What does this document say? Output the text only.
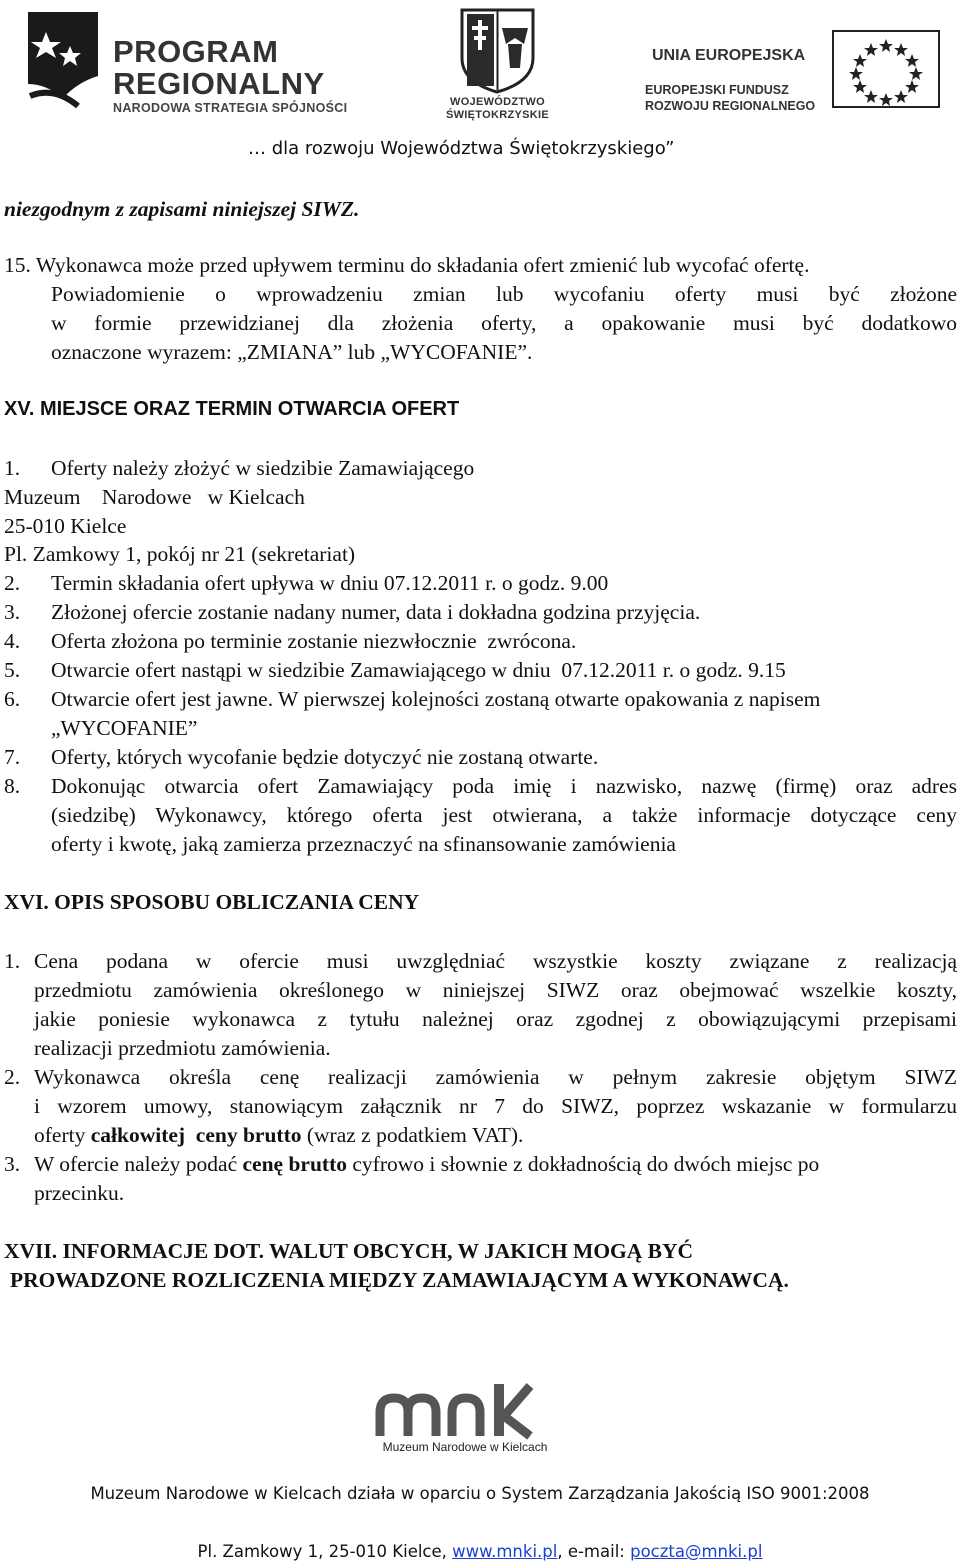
PROGRAM
REGIONALNY
NARODOWA STRATEGIA SPÓJNOŚCI	WOJEWÓDZTWO
ŚWIĘTOKRZYSKIE
UNIA EUROPEJSKA
EUROPEJSKI FUNDUSZ
ROZWOJU REGIONALNEGO
… dla rozwoju Województwa Świętokrzyskiego”
niezgodnym z zapisami niniejszej SIWZ.
15. Wykonawca może przed upływem terminu do składania ofert zmienić lub wycofać ofertę.
Powiadomienie o wprowadzeniu zmian lub wycofaniu oferty musi być złożone
w formie przewidzianej dla złożenia oferty, a opakowanie musi być dodatkowo
oznaczone wyrazem: „ZMIANA” lub „WYCOFANIE”.
XV. MIEJSCE ORAZ TERMIN OTWARCIA OFERT
1. Oferty należy złożyć w siedzibie Zamawiającego
Muzeum    Narodowe   w Kielcach
25-010 Kielce
Pl. Zamkowy 1, pokój nr 21 (sekretariat)
2. Termin składania ofert upływa w dniu 07.12.2011 r. o godz. 9.00
3. Złożonej ofercie zostanie nadany numer, data i dokładna godzina przyjęcia.
4. Oferta złożona po terminie zostanie niezwłocznie  zwrócona.
5. Otwarcie ofert nastąpi w siedzibie Zamawiającego w dniu  07.12.2011 r. o godz. 9.15
6. Otwarcie ofert jest jawne. W pierwszej kolejności zostaną otwarte opakowania z napisem
„WYCOFANIE”
7. Oferty, których wycofanie będzie dotyczyć nie zostaną otwarte.
8. Dokonując otwarcia ofert Zamawiający poda imię i nazwisko, nazwę (firmę) oraz adres
(siedzibę) Wykonawcy, którego oferta jest otwierana, a także informacje dotyczące ceny
oferty i kwotę, jaką zamierza przeznaczyć na sfinansowanie zamówienia
XVI. OPIS SPOSOBU OBLICZANIA CENY
1. Cena podana w ofercie musi uwzględniać wszystkie koszty związane z realizacją
przedmiotu zamówienia określonego w niniejszej SIWZ oraz obejmować wszelkie koszty,
jakie poniesie wykonawca z tytułu należnej oraz zgodnej z obowiązującymi przepisami
realizacji przedmiotu zamówienia.
2. Wykonawca określa cenę realizacji zamówienia w pełnym zakresie objętym SIWZ
i wzorem umowy, stanowiącym załącznik nr 7 do SIWZ, poprzez wskazanie w formularzu
oferty całkowitej  ceny brutto (wraz z podatkiem VAT).
3. W ofercie należy podać cenę brutto cyfrowo i słownie z dokładnością do dwóch miejsc po
przecinku.
XVII. INFORMACJE DOT. WALUT OBCYCH, W JAKICH MOGĄ BYĆ
PROWADZONE ROZLICZENIA MIĘDZY ZAMAWIAJĄCYM A WYKONAWCĄ.
Muzeum Narodowe w Kielcach
Muzeum Narodowe w Kielcach działa w oparciu o System Zarządzania Jakością ISO 9001:2008
Pl. Zamkowy 1, 25-010 Kielce, www.mnki.pl, e-mail: poczta@mnki.pl
